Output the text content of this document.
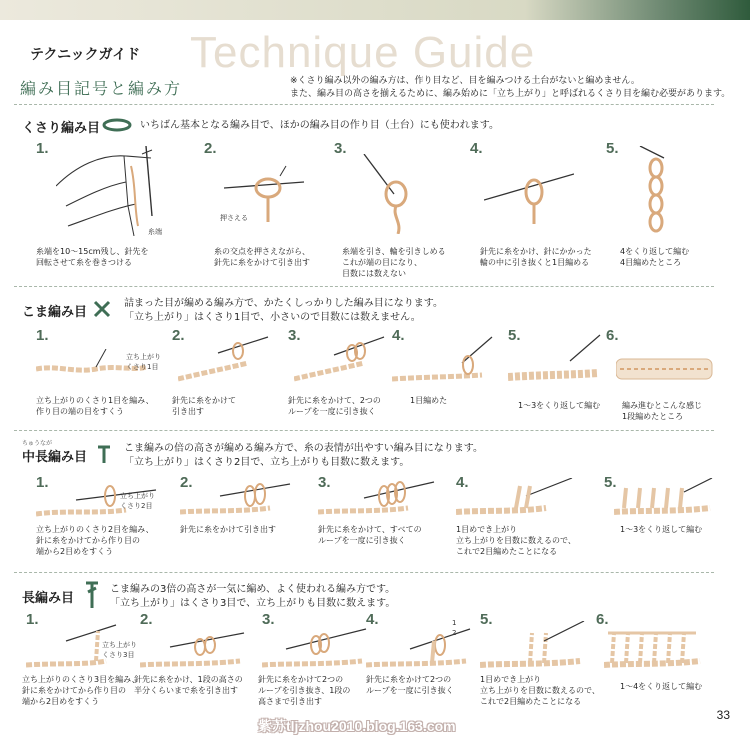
Technique Guide
テクニックガイド
編み目記号と編み方	※くさり編み以外の編み方は、作り目など、目を編みつける土台がないと編めません。
また、編み目の高さを揃えるために、編み始めに「立ち上がり」と呼ばれるくさり目を編む必要があります。
くさり編み目	いちばん基本となる編み目で、ほかの編み目の作り目（土台）にも使われます。
1.
糸端
糸端を10〜15cm残し、針先を
回転させて糸を巻きつける
2.
押さえる
糸の交点を押さえながら、
針先に糸をかけて引き出す
3.
糸端を引き、輪を引きしめる
これが端の目になり、
目数には数えない
4.
針先に糸をかけ、針にかかった
輪の中に引き抜くと1目編める
5.
4をくり返して編む
4目編めたところ
こま編み目
詰まった目が編める編み方で、かたくしっかりした編み目になります。
「立ち上がり」はくさり1目で、小さいので目数には数えません。
1.
立ち上がり
くさり1目
立ち上がりのくさり1目を編み、
作り目の端の目をすくう
2.
針先に糸をかけて
引き出す
3.
針先に糸をかけて、2つの
ループを一度に引き抜く
4.
1目編めた
5.
1〜3をくり返して編む
6.
編み進むとこんな感じ
1段編めたところ
ちゅうなが
中長編み目
こま編みの倍の高さが編める編み方で、糸の表情が出やすい編み目になります。
「立ち上がり」はくさり2目で、立ち上がりも目数に数えます。
1.
立ち上がり
くさり2目
立ち上がりのくさり2目を編み、
針に糸をかけてから作り目の
端から2目めをすくう
2.
針先に糸をかけて引き出す
3.
針先に糸をかけて、すべての
ループを一度に引き抜く
4.
1目めでき上がり
立ち上がりを目数に数えるので、
これで2目編めたことになる
5.
1〜3をくり返して編む
長編み目
こま編みの3倍の高さが一気に編め、よく使われる編み方です。
「立ち上がり」はくさり3目で、立ち上がりも目数に数えます。
1.
立ち上がり
くさり3目
立ち上がりのくさり3目を編み、
針に糸をかけてから作り目の
端から2目めをすくう
2.
針先に糸をかけ、1段の高さの
半分くらいまで糸を引き出す
3.
針先に糸をかけて2つの
ループを引き抜き、1段の
高さまで引き出す
4.	1
2
針先に糸をかけて2つの
ループを一度に引き抜く
5.
1目めでき上がり
立ち上がりを目数に数えるので、
これで2目編めたことになる
6.
1〜4をくり返して編む
33
紫苏tljzhou2010.blog.163.com
